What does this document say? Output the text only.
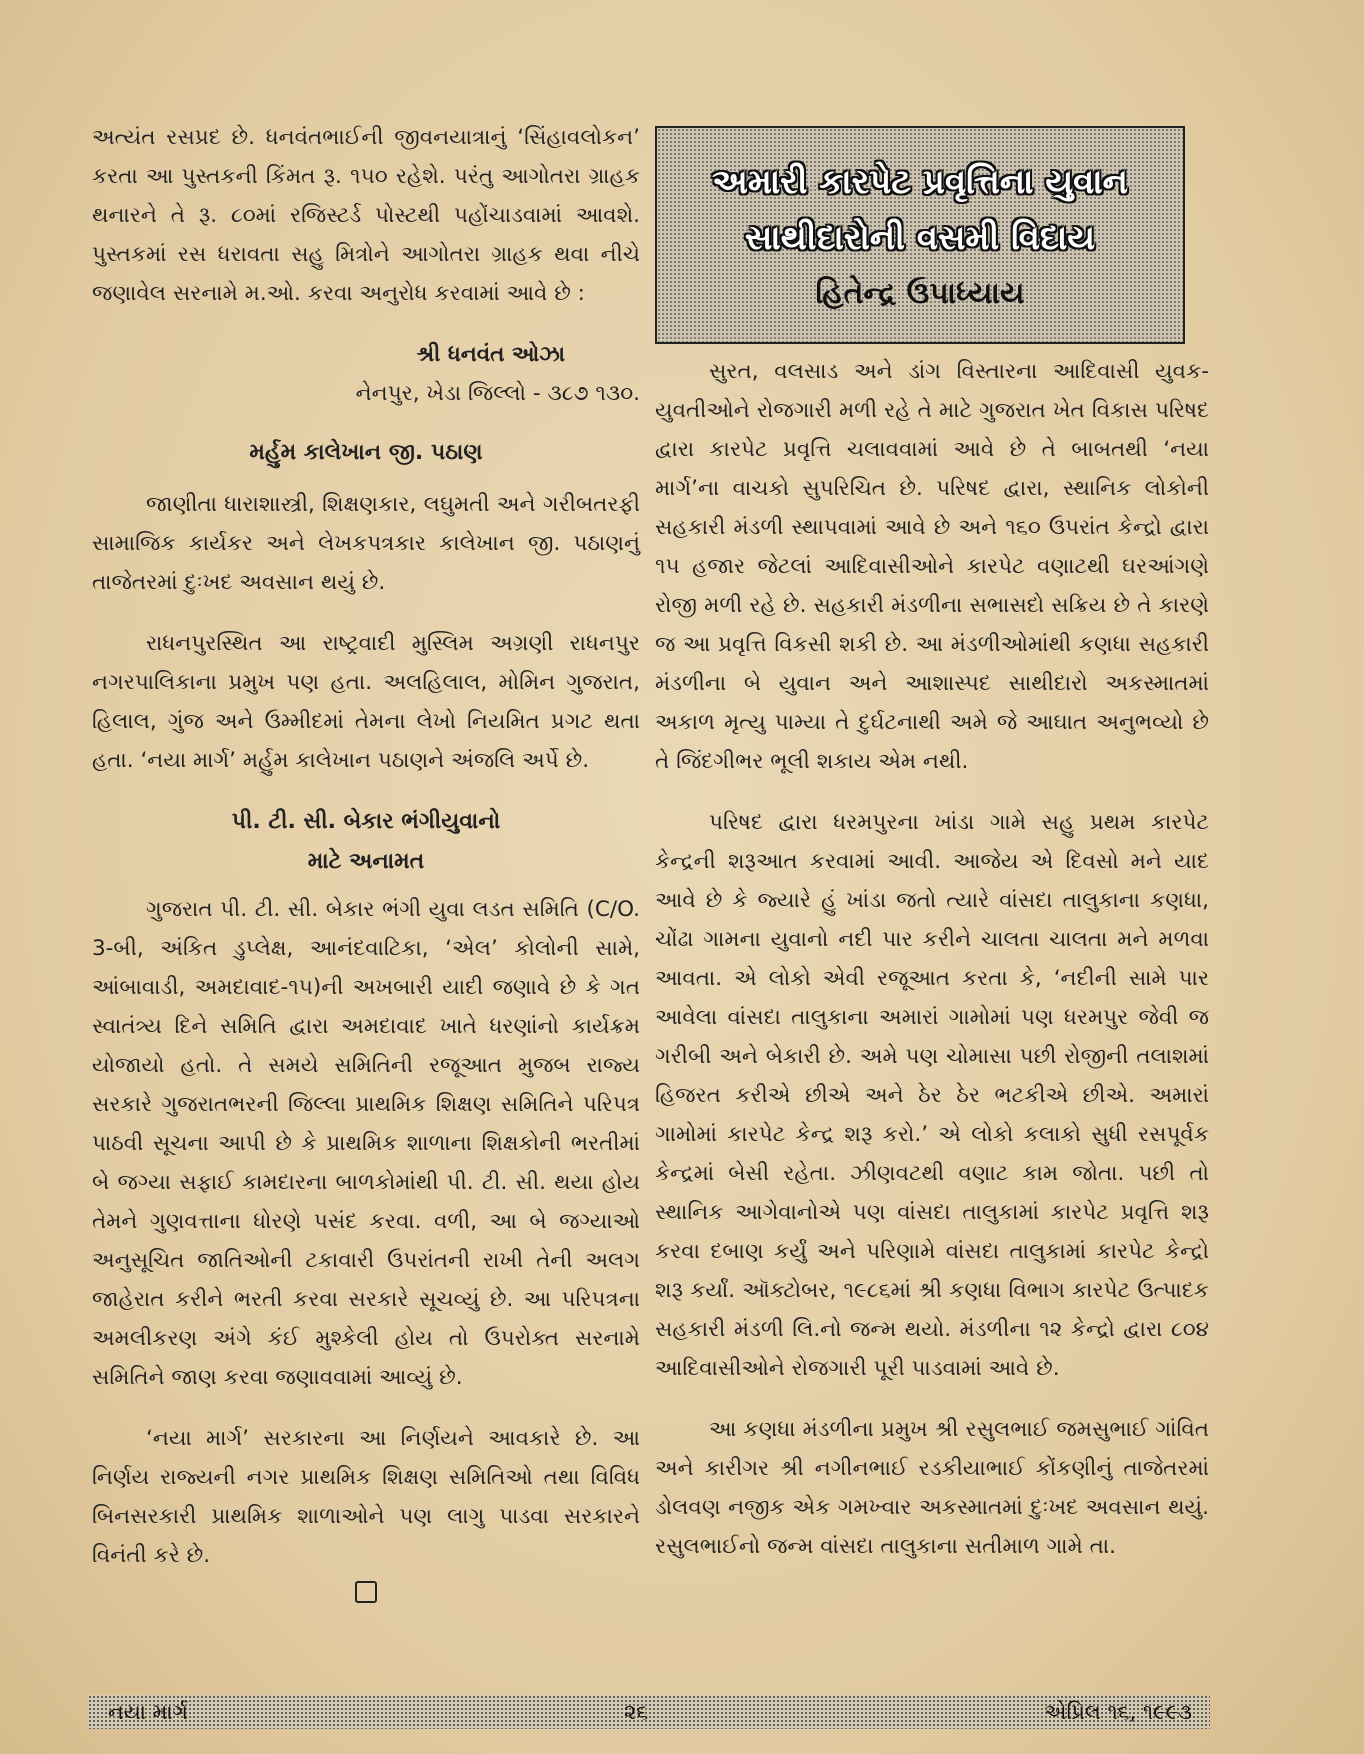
અત્યંત રસપ્રદ છે. ધનવંતભાઈની જીવનયાત્રાનું ‘સિંહાવલોકન’ કરતા આ પુસ્તકની કિંમત રૂ. ૧૫૦ રહેશે. પરંતુ આગોતરા ગ્રાહક થનારને તે રૂ. ૮૦માં રજિસ્ટર્ડ પોસ્ટથી પહોંચાડવામાં આવશે. પુસ્તકમાં રસ ધરાવતા સહુ મિત્રોને આગોતરા ગ્રાહક થવા નીચે જણાવેલ સરનામે મ.ઓ. કરવા અનુરોધ કરવામાં આવે છે :

શ્રી ધનવંત ઓઝા
નેનપુર, ખેડા જિલ્લો - ૩૮૭ ૧૩૦.
મર્હુમ કાલેખાન જી. પઠાણ

જાણીતા ધારાશાસ્ત્રી, શિક્ષણકાર, લઘુમતી અને ગરીબતરફી સામાજિક કાર્યકર અને લેખકપત્રકાર કાલેખાન જી. પઠાણનું તાજેતરમાં દુઃખદ અવસાન થયું છે.

રાધનપુરસ્થિત આ રાષ્ટ્રવાદી મુસ્લિમ અગ્રણી રાધનપુર નગરપાલિકાના પ્રમુખ પણ હતા. અલહિલાલ, મોમિન ગુજરાત, હિલાલ, ગુંજ અને ઉમ્મીદમાં તેમના લેખો નિયમિત પ્રગટ થતા હતા. ‘નયા માર્ગ’ મર્હુમ કાલેખાન પઠાણને અંજલિ અર્પે છે.

પી. ટી. સી. બેકાર ભંગીયુવાનો
માટે અનામત

ગુજરાત પી. ટી. સી. બેકાર ભંગી યુવા લડત સમિતિ (C/O. 3-બી, અંકિત ડુપ્લેક્ષ, આનંદવાટિકા, ‘એલ’ કોલોની સામે, આંબાવાડી, અમદાવાદ-૧૫)ની અખબારી યાદી જણાવે છે કે ગત સ્વાતંત્ર્ય દિને સમિતિ દ્વારા અમદાવાદ ખાતે ધરણાંનો કાર્યક્રમ યોજાયો હતો. તે સમયે સમિતિની રજૂઆત મુજબ રાજ્ય સરકારે ગુજરાતભરની જિલ્લા પ્રાથમિક શિક્ષણ સમિતિને પરિપત્ર પાઠવી સૂચના આપી છે કે પ્રાથમિક શાળાના શિક્ષકોની ભરતીમાં બે જગ્યા સફાઈ કામદારના બાળકોમાંથી પી. ટી. સી. થયા હોય તેમને ગુણવત્તાના ધોરણે પસંદ કરવા. વળી, આ બે જગ્યાઓ અનુસૂચિત જાતિઓની ટકાવારી ઉપરાંતની રાખી તેની અલગ જાહેરાત કરીને ભરતી કરવા સરકારે સૂચવ્યું છે. આ પરિપત્રના અમલીકરણ અંગે કંઈ મુશ્કેલી હોય તો ઉપરોક્ત સરનામે સમિતિને જાણ કરવા જણાવવામાં આવ્યું છે.

‘નયા માર્ગ’ સરકારના આ નિર્ણયને આવકારે છે. આ નિર્ણય રાજ્યની નગર પ્રાથમિક શિક્ષણ સમિતિઓ તથા વિવિધ બિનસરકારી પ્રાથમિક શાળાઓને પણ લાગુ પાડવા સરકારને વિનંતી કરે છે.

અમારી કારપેટ પ્રવૃત્તિના યુવાન
સાથીદારોની વસમી વિદાય
હિતેન્દ્ર ઉપાધ્યાય

સુરત, વલસાડ અને ડાંગ વિસ્તારના આદિવાસી યુવક-યુવતીઓને રોજગારી મળી રહે તે માટે ગુજરાત ખેત વિકાસ પરિષદ દ્વારા કારપેટ પ્રવૃત્તિ ચલાવવામાં આવે છે તે બાબતથી ‘નયા માર્ગ’ના વાચકો સુપરિચિત છે. પરિષદ દ્વારા, સ્થાનિક લોકોની સહકારી મંડળી સ્થાપવામાં આવે છે અને ૧૬૦ ઉપરાંત કેન્દ્રો દ્વારા ૧૫ હજાર જેટલાં આદિવાસીઓને કારપેટ વણાટથી ઘરઆંગણે રોજી મળી રહે છે. સહકારી મંડળીના સભાસદો સક્રિય છે તે કારણે જ આ પ્રવૃત્તિ વિકસી શકી છે. આ મંડળીઓમાંથી કણધા સહકારી મંડળીના બે યુવાન અને આશાસ્પદ સાથીદારો અકસ્માતમાં અકાળ મૃત્યુ પામ્યા તે દુર્ઘટનાથી અમે જે આઘાત અનુભવ્યો છે તે જિંદગીભર ભૂલી શકાય એમ નથી.

પરિષદ દ્વારા ધરમપુરના ખાંડા ગામે સહુ પ્રથમ કારપેટ કેન્દ્રની શરૂઆત કરવામાં આવી. આજેય એ દિવસો મને યાદ આવે છે કે જ્યારે હું ખાંડા જતો ત્યારે વાંસદા તાલુકાના કણધા, ચોંઢા ગામના યુવાનો નદી પાર કરીને ચાલતા ચાલતા મને મળવા આવતા. એ લોકો એવી રજૂઆત કરતા કે, ‘નદીની સામે પાર આવેલા વાંસદા તાલુકાના અમારાં ગામોમાં પણ ધરમપુર જેવી જ ગરીબી અને બેકારી છે. અમે પણ ચોમાસા પછી રોજીની તલાશમાં હિજરત કરીએ છીએ અને ઠેર ઠેર ભટકીએ છીએ. અમારાં ગામોમાં કારપેટ કેન્દ્ર શરૂ કરો.’ એ લોકો કલાકો સુધી રસપૂર્વક કેન્દ્રમાં બેસી રહેતા. ઝીણવટથી વણાટ કામ જોતા. પછી તો સ્થાનિક આગેવાનોએ પણ વાંસદા તાલુકામાં કારપેટ પ્રવૃત્તિ શરૂ કરવા દબાણ કર્યું અને પરિણામે વાંસદા તાલુકામાં કારપેટ કેન્દ્રો શરૂ કર્યાં. ઑક્ટોબર, ૧૯૮૬માં શ્રી કણધા વિભાગ કારપેટ ઉત્પાદક સહકારી મંડળી લિ.નો જન્મ થયો. મંડળીના ૧૨ કેન્દ્રો દ્વારા ૮૦૪ આદિવાસીઓને રોજગારી પૂરી પાડવામાં આવે છે.

આ કણધા મંડળીના પ્રમુખ શ્રી રસુલભાઈ જમસુભાઈ ગાંવિત અને કારીગર શ્રી નગીનભાઈ રડકીયાભાઈ કોંકણીનું તાજેતરમાં ડોલવણ નજીક એક ગમખ્વાર અકસ્માતમાં દુઃખદ અવસાન થયું. રસુલભાઈનો જન્મ વાંસદા તાલુકાના સતીમાળ ગામે તા.

નયા માર્ગ	૨૬	એપ્રિલ ૧૬, ૧૯૯૩
